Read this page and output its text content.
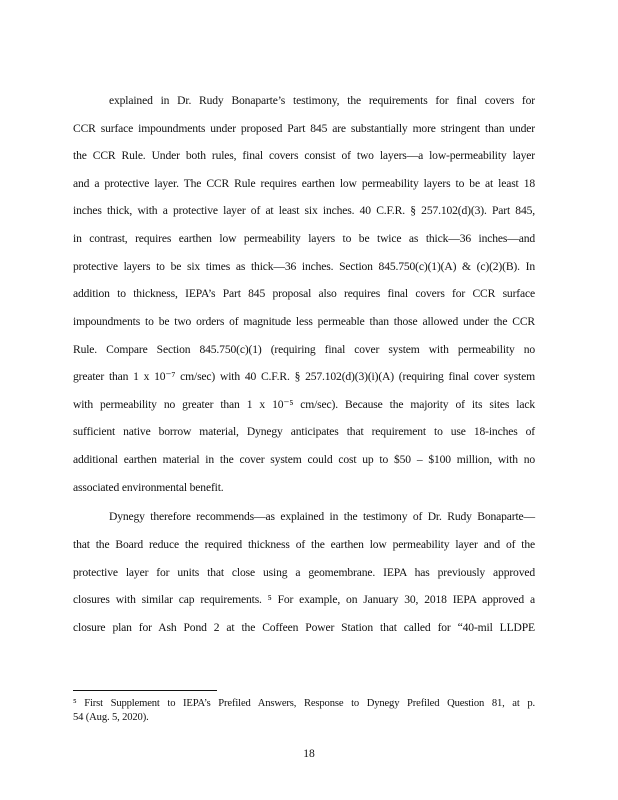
explained in Dr. Rudy Bonaparte’s testimony, the requirements for final covers for
CCR surface impoundments under proposed Part 845 are substantially more stringent than under
the CCR Rule. Under both rules, final covers consist of two layers—a low-permeability layer
and a protective layer. The CCR Rule requires earthen low permeability layers to be at least 18
inches thick, with a protective layer of at least six inches. 40 C.F.R. § 257.102(d)(3). Part 845,
in contrast, requires earthen low permeability layers to be twice as thick—36 inches—and
protective layers to be six times as thick—36 inches. Section 845.750(c)(1)(A) & (c)(2)(B). In
addition to thickness, IEPA’s Part 845 proposal also requires final covers for CCR surface
impoundments to be two orders of magnitude less permeable than those allowed under the CCR
Rule. Compare Section 845.750(c)(1) (requiring final cover system with permeability no
greater than 1 x 10⁻⁷ cm/sec) with 40 C.F.R. § 257.102(d)(3)(i)(A) (requiring final cover system
with permeability no greater than 1 x 10⁻⁵ cm/sec). Because the majority of its sites lack
sufficient native borrow material, Dynegy anticipates that requirement to use 18-inches of
additional earthen material in the cover system could cost up to $50 – $100 million, with no
associated environmental benefit.
Dynegy therefore recommends—as explained in the testimony of Dr. Rudy Bonaparte—
that the Board reduce the required thickness of the earthen low permeability layer and of the
protective layer for units that close using a geomembrane. IEPA has previously approved
closures with similar cap requirements. ⁵ For example, on January 30, 2018 IEPA approved a
closure plan for Ash Pond 2 at the Coffeen Power Station that called for “40-mil LLDPE
⁵ First Supplement to IEPA’s Prefiled Answers, Response to Dynegy Prefiled Question 81, at p.
54 (Aug. 5, 2020).
18
